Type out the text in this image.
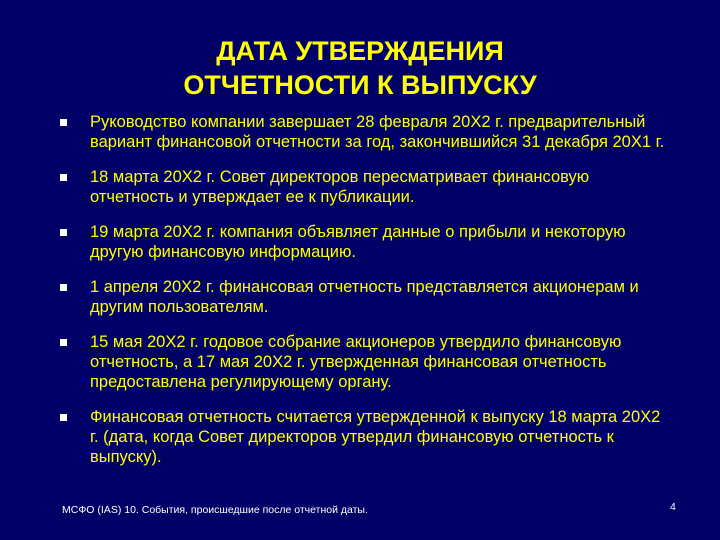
ДАТА УТВЕРЖДЕНИЯ
ОТЧЕТНОСТИ К ВЫПУСКУ
Руководство компании завершает 28 февраля 20Х2 г. предварительный вариант финансовой отчетности за год, закончившийся 31 декабря 20Х1 г.
18 марта 20Х2 г. Совет директоров пересматривает финансовую отчетность и утверждает ее к публикации.
19 марта 20Х2 г. компания объявляет данные о прибыли и некоторую другую финансовую информацию.
1 апреля 20Х2 г. финансовая отчетность представляется акционерам и другим пользователям.
15 мая 20Х2 г. годовое собрание акционеров утвердило финансовую отчетность, а 17 мая 20Х2 г. утвержденная финансовая отчетность предоставлена регулирующему органу.
Финансовая отчетность считается утвержденной к выпуску 18 марта 20Х2 г. (дата, когда Совет директоров утвердил финансовую отчетность к выпуску).
МСФО (IAS) 10. События, происшедшие после отчетной даты.	4
